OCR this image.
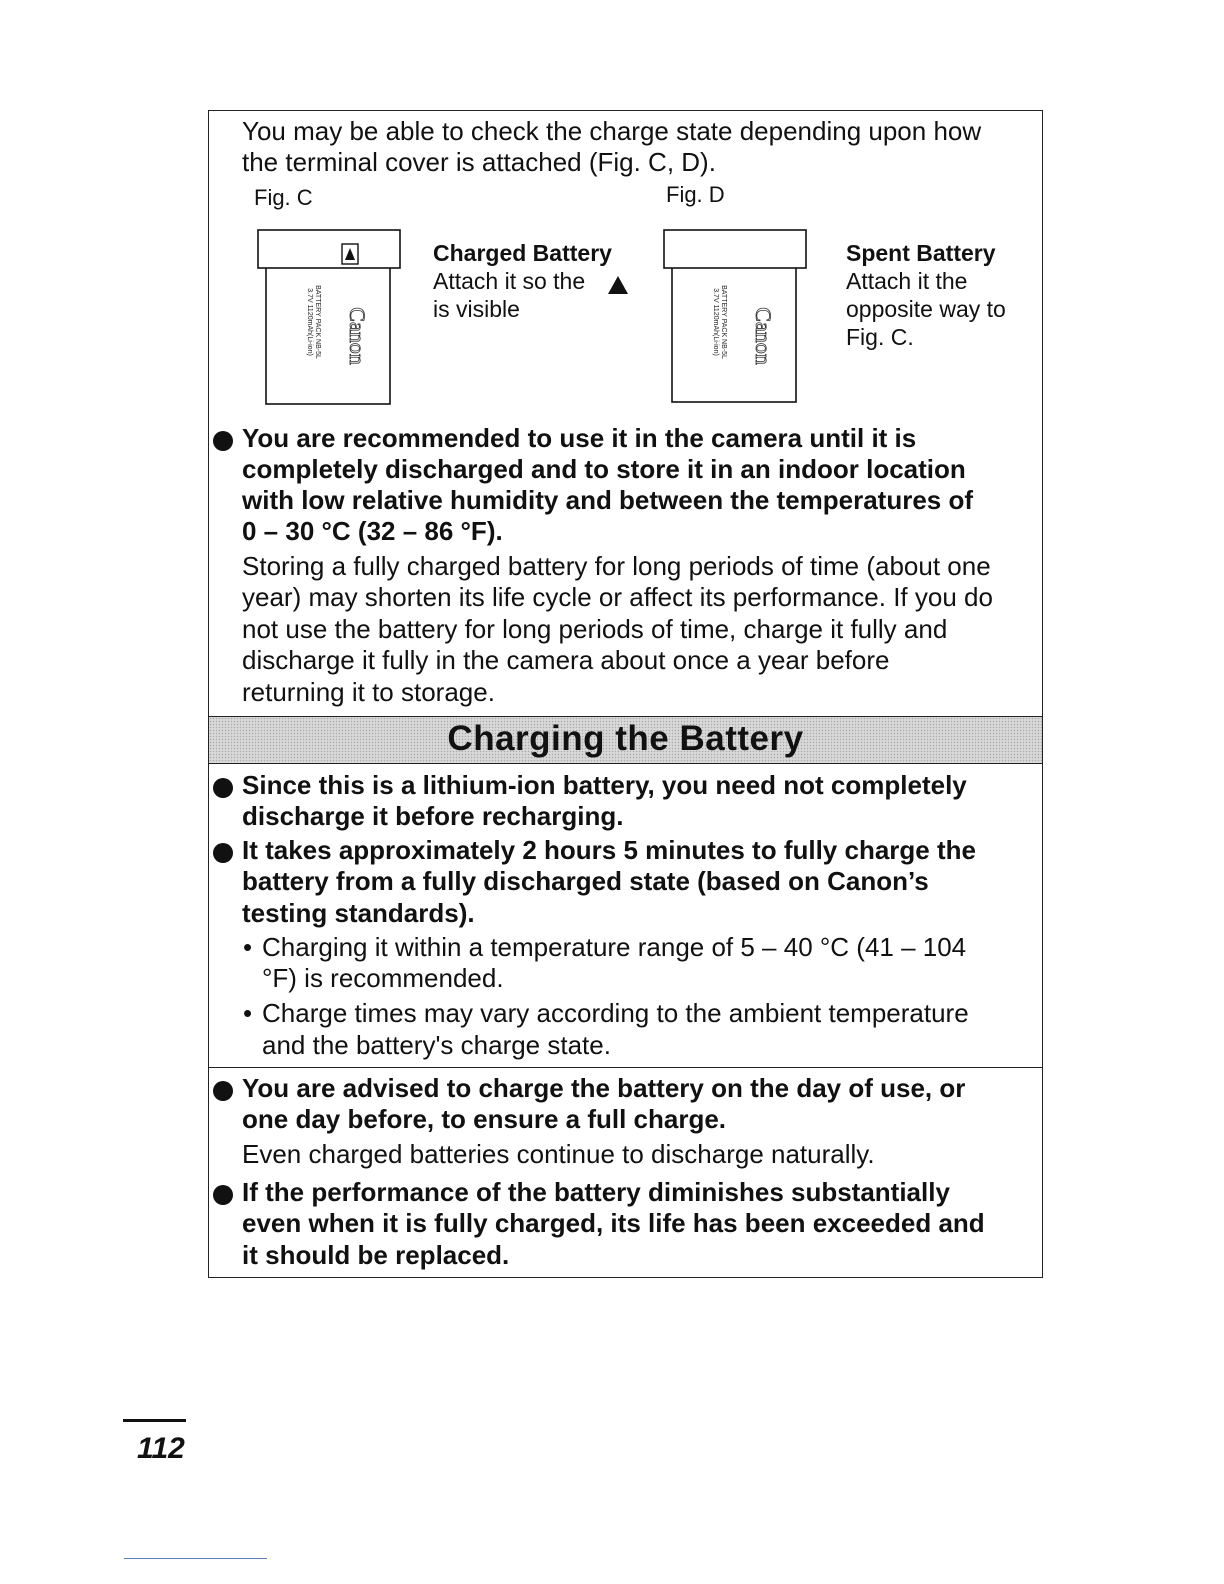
You may be able to check the charge state depending upon how

the terminal cover is attached (Fig. C, D).

Fig. C	Fig. D
Canon
BATTERY PACK NB-5L
3.7V 1120mAh(Li-ion)
Charged Battery
Attach it so the
is visible	Canon
BATTERY PACK NB-5L
3.7V 1120mAh(Li-ion)
Spent Battery
Attach it the
opposite way to
Fig. C.

You are recommended to use it in the camera until it is

completely discharged and to store it in an indoor location

with low relative humidity and between the temperatures of

0 – 30 °C (32 – 86 °F).

Storing a fully charged battery for long periods of time (about one

year) may shorten its life cycle or affect its performance. If you do

not use the battery for long periods of time, charge it fully and

discharge it fully in the camera about once a year before

returning it to storage.

Charging the Battery

Since this is a lithium-ion battery, you need not completely

discharge it before recharging.

It takes approximately 2 hours 5 minutes to fully charge the

battery from a fully discharged state (based on Canon’s

testing standards).

• Charging it within a temperature range of 5 – 40 °C (41 – 104

°F) is recommended.

• Charge times may vary according to the ambient temperature

and the battery's charge state.

You are advised to charge the battery on the day of use, or

one day before, to ensure a full charge.

Even charged batteries continue to discharge naturally.

If the performance of the battery diminishes substantially

even when it is fully charged, its life has been exceeded and

it should be replaced.

112
